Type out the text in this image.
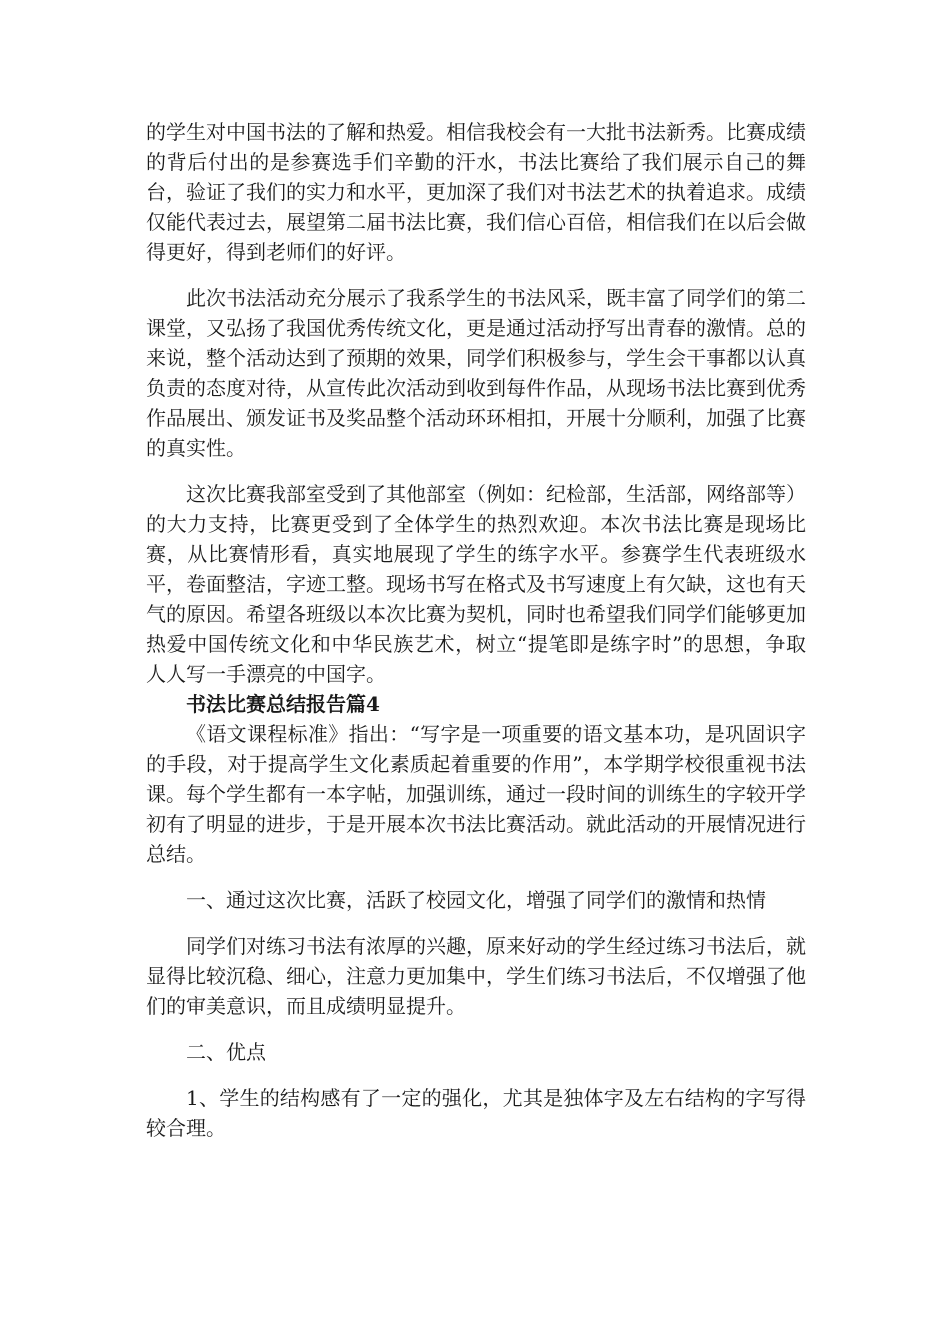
的学生对中国书法的了解和热爱。相信我校会有一大批书法新秀。比赛成绩的背后付出的是参赛选手们辛勤的汗水，书法比赛给了我们展示自己的舞台，验证了我们的实力和水平，更加深了我们对书法艺术的执着追求。成绩仅能代表过去，展望第二届书法比赛，我们信心百倍，相信我们在以后会做得更好，得到老师们的好评。

此次书法活动充分展示了我系学生的书法风采，既丰富了同学们的第二课堂，又弘扬了我国优秀传统文化，更是通过活动抒写出青春的激情。总的来说，整个活动达到了预期的效果，同学们积极参与，学生会干事都以认真负责的态度对待，从宣传此次活动到收到每件作品，从现场书法比赛到优秀作品展出、颁发证书及奖品整个活动环环相扣，开展十分顺利，加强了比赛的真实性。

这次比赛我部室受到了其他部室（例如：纪检部，生活部，网络部等）的大力支持，比赛更受到了全体学生的热烈欢迎。本次书法比赛是现场比赛，从比赛情形看，真实地展现了学生的练字水平。参赛学生代表班级水平，卷面整洁，字迹工整。现场书写在格式及书写速度上有欠缺，这也有天气的原因。希望各班级以本次比赛为契机，同时也希望我们同学们能够更加热爱中国传统文化和中华民族艺术，树立“提笔即是练字时”的思想，争取人人写一手漂亮的中国字。

书法比赛总结报告篇4

《语文课程标准》指出：“写字是一项重要的语文基本功，是巩固识字的手段，对于提高学生文化素质起着重要的作用”，本学期学校很重视书法课。每个学生都有一本字帖，加强训练，通过一段时间的训练生的字较开学初有了明显的进步，于是开展本次书法比赛活动。就此活动的开展情况进行总结。

一、通过这次比赛，活跃了校园文化，增强了同学们的激情和热情

同学们对练习书法有浓厚的兴趣，原来好动的学生经过练习书法后，就显得比较沉稳、细心，注意力更加集中，学生们练习书法后，不仅增强了他们的审美意识，而且成绩明显提升。

二、优点

1、学生的结构感有了一定的强化，尤其是独体字及左右结构的字写得较合理。
